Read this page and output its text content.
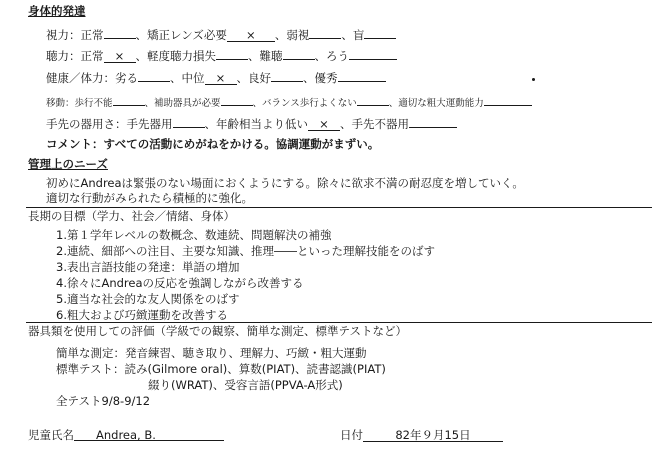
身体的発達
視力：正常	、矯正レンズ必要 × 、弱視	、盲
聴力：正常 × 、軽度聴力損失	、難聴	、ろう
健康／体力：劣る	、中位 × 、良好	、優秀
移動：歩行不能	、補助器具が必要	、バランス歩行よくない	、適切な粗大運動能力
手先の器用さ：手先器用	、年齢相当より低い × 、手先不器用
コメント：すべての活動にめがねをかける。協調運動がまずい。
管理上のニーズ
初めにAndreaは緊張のない場面におくようにする。除々に欲求不満の耐忍度を増していく。
適切な行動がみられたら積極的に強化。
長期の目標（学力、社会／情緒、身体）
1.第１学年レベルの数概念、数連続、問題解決の補強
2.連続、細部への注目、主要な知識、推理――といった理解技能をのばす
3.表出言語技能の発達：単語の増加
4.徐々にAndreaの反応を強調しながら改善する
5.適当な社会的な友人関係をのばす
6.粗大および巧緻運動を改善する
器具類を使用しての評価（学級での観察、簡単な測定、標準テストなど）
簡単な測定：発音練習、聴き取り、理解力、巧緻・粗大運動
標準テスト：読み(Gilmore oral)、算数(PIAT)、読書認識(PIAT)
綴り(WRAT)、受容言語(PPVA-A形式)
全テスト9/8-9/12
児童氏名 Andrea, B.	日付	82年９月15日
